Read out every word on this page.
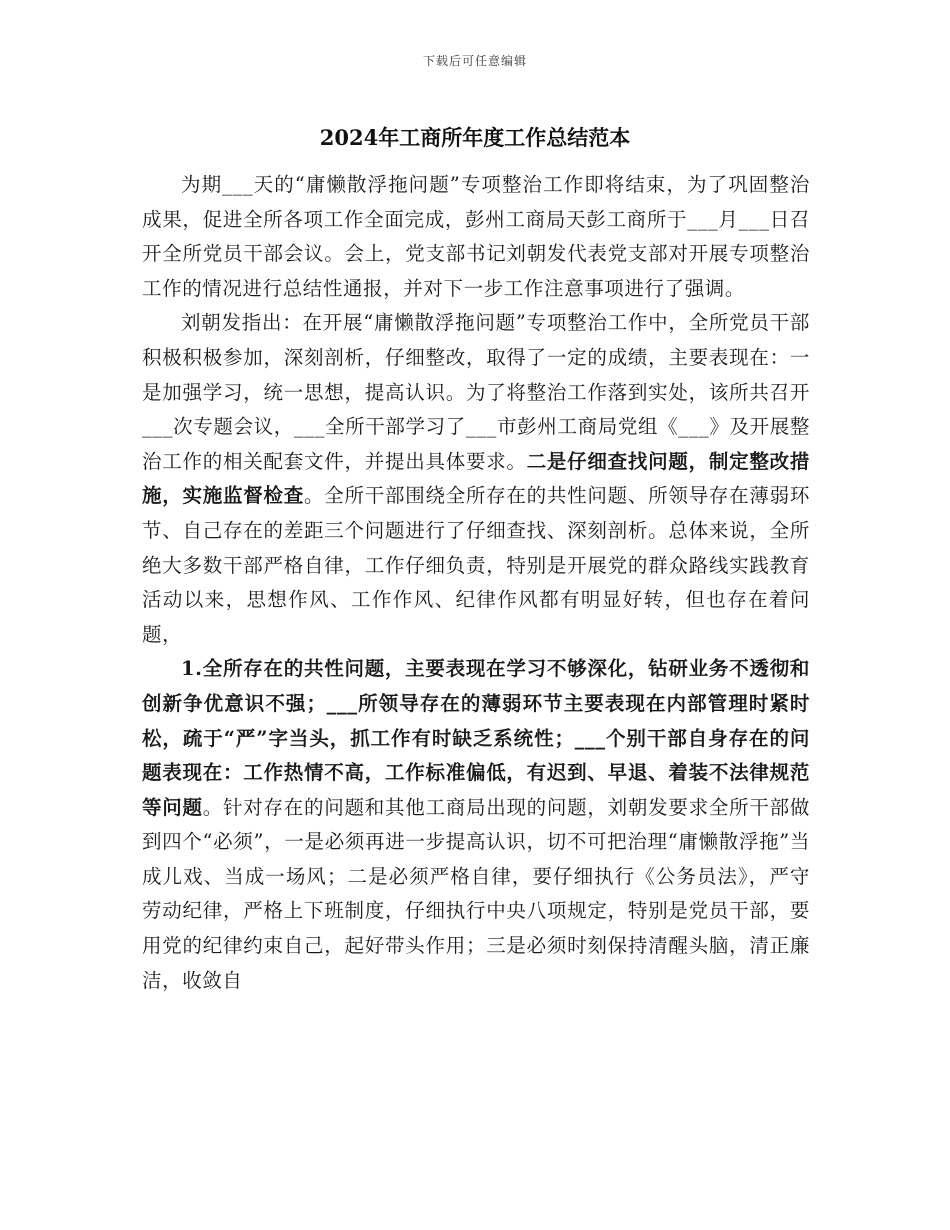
下载后可任意编辑
2024年工商所年度工作总结范本

为期___天的“庸懒散浮拖问题”专项整治工作即将结束，为了巩固整治成果，促进全所各项工作全面完成，彭州工商局天彭工商所于___月___日召开全所党员干部会议。会上，党支部书记刘朝发代表党支部对开展专项整治工作的情况进行总结性通报，并对下一步工作注意事项进行了强调。

刘朝发指出：在开展“庸懒散浮拖问题”专项整治工作中，全所党员干部积极积极参加，深刻剖析，仔细整改，取得了一定的成绩，主要表现在：一是加强学习，统一思想，提高认识。为了将整治工作落到实处，该所共召开___次专题会议，___全所干部学习了___市彭州工商局党组《___》及开展整治工作的相关配套文件，并提出具体要求。二是仔细查找问题，制定整改措施，实施监督检查。全所干部围绕全所存在的共性问题、所领导存在薄弱环节、自己存在的差距三个问题进行了仔细查找、深刻剖析。总体来说，全所绝大多数干部严格自律，工作仔细负责，特别是开展党的群众路线实践教育活动以来，思想作风、工作作风、纪律作风都有明显好转，但也存在着问题，

1.全所存在的共性问题，主要表现在学习不够深化，钻研业务不透彻和创新争优意识不强；___所领导存在的薄弱环节主要表现在内部管理时紧时松，疏于“严”字当头，抓工作有时缺乏系统性；___个别干部自身存在的问题表现在：工作热情不高，工作标准偏低，有迟到、早退、着装不法律规范等问题。针对存在的问题和其他工商局出现的问题，刘朝发要求全所干部做到四个“必须”，一是必须再进一步提高认识，切不可把治理“庸懒散浮拖”当成儿戏、当成一场风；二是必须严格自律，要仔细执行《公务员法》，严守劳动纪律，严格上下班制度，仔细执行中央八项规定，特别是党员干部，要用党的纪律约束自己，起好带头作用；三是必须时刻保持清醒头脑，清正廉洁，收敛自
